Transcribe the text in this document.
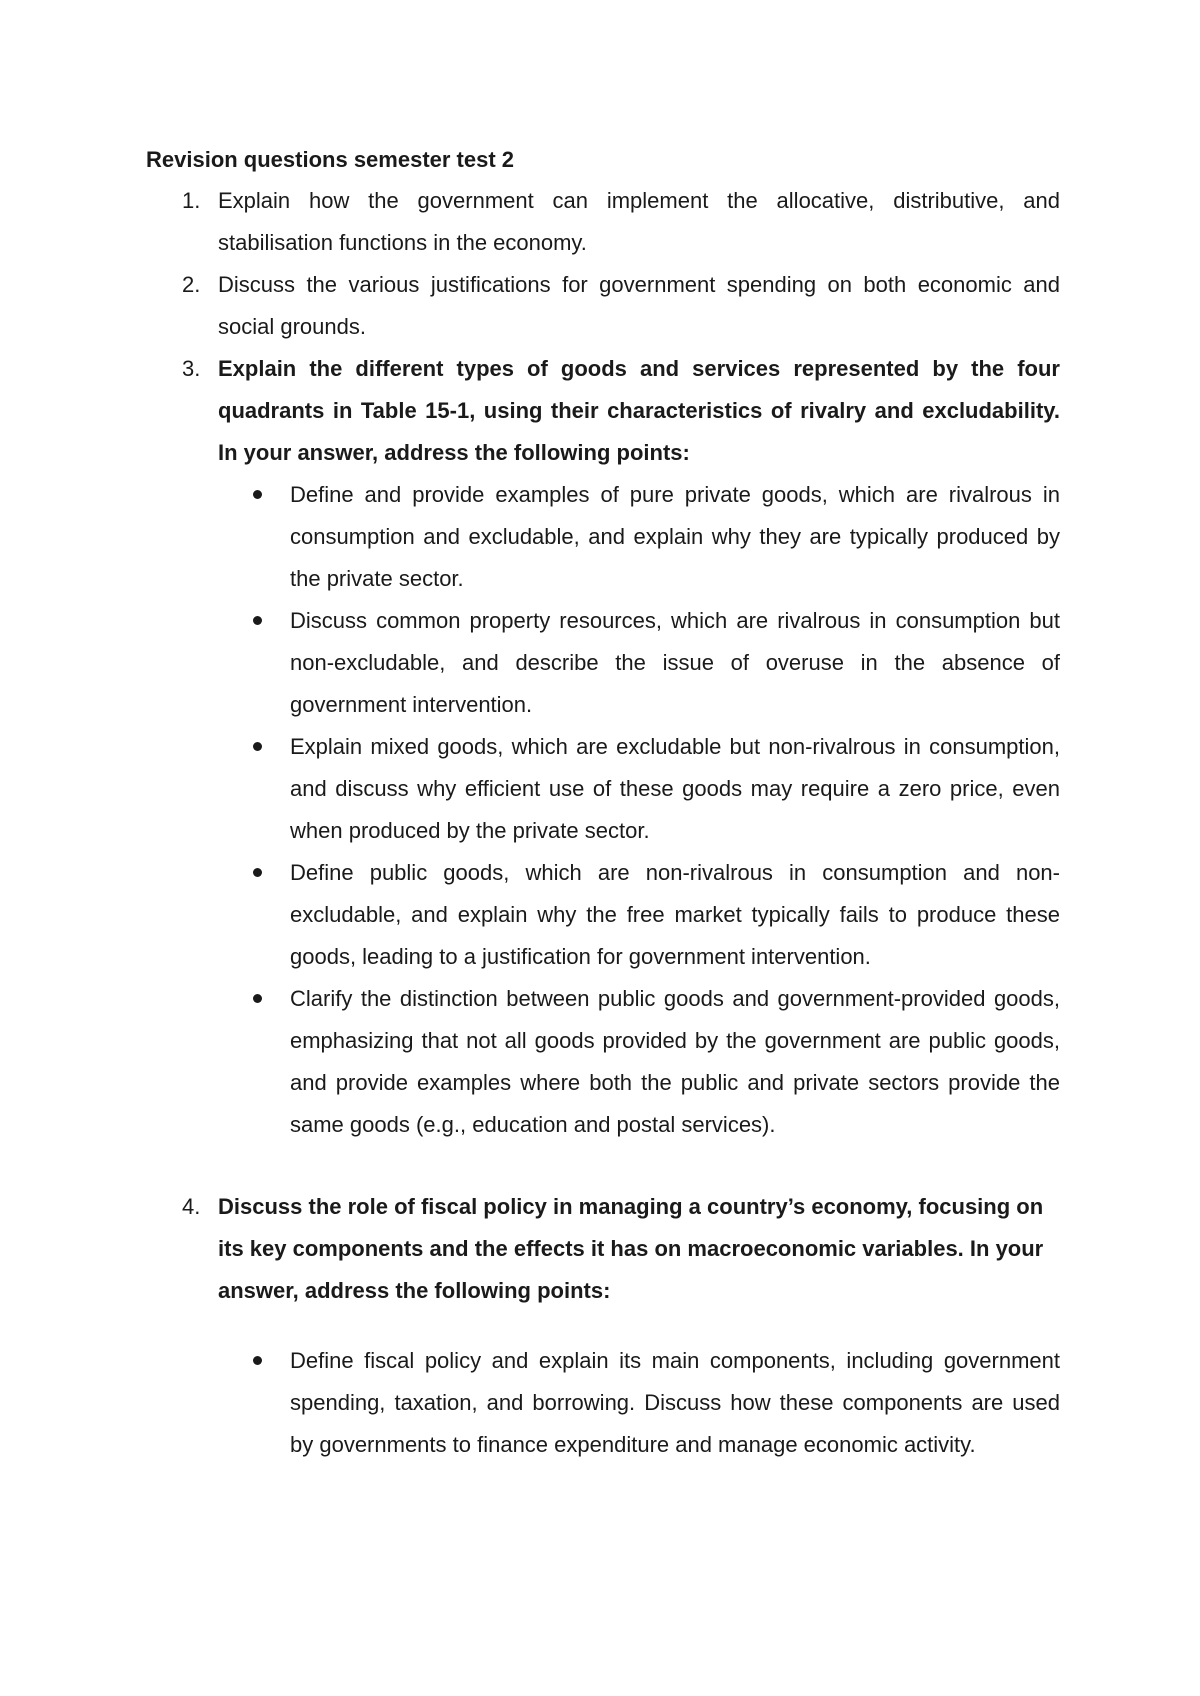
Revision questions semester test 2
1. Explain how the government can implement the allocative, distributive, and stabilisation functions in the economy.
2. Discuss the various justifications for government spending on both economic and social grounds.
3. Explain the different types of goods and services represented by the four quadrants in Table 15-1, using their characteristics of rivalry and excludability. In your answer, address the following points:
Define and provide examples of pure private goods, which are rivalrous in consumption and excludable, and explain why they are typically produced by the private sector.
Discuss common property resources, which are rivalrous in consumption but non-excludable, and describe the issue of overuse in the absence of government intervention.
Explain mixed goods, which are excludable but non-rivalrous in consumption, and discuss why efficient use of these goods may require a zero price, even when produced by the private sector.
Define public goods, which are non-rivalrous in consumption and non-excludable, and explain why the free market typically fails to produce these goods, leading to a justification for government intervention.
Clarify the distinction between public goods and government-provided goods, emphasizing that not all goods provided by the government are public goods, and provide examples where both the public and private sectors provide the same goods (e.g., education and postal services).
4. Discuss the role of fiscal policy in managing a country’s economy, focusing on its key components and the effects it has on macroeconomic variables. In your answer, address the following points:
Define fiscal policy and explain its main components, including government spending, taxation, and borrowing. Discuss how these components are used by governments to finance expenditure and manage economic activity.
